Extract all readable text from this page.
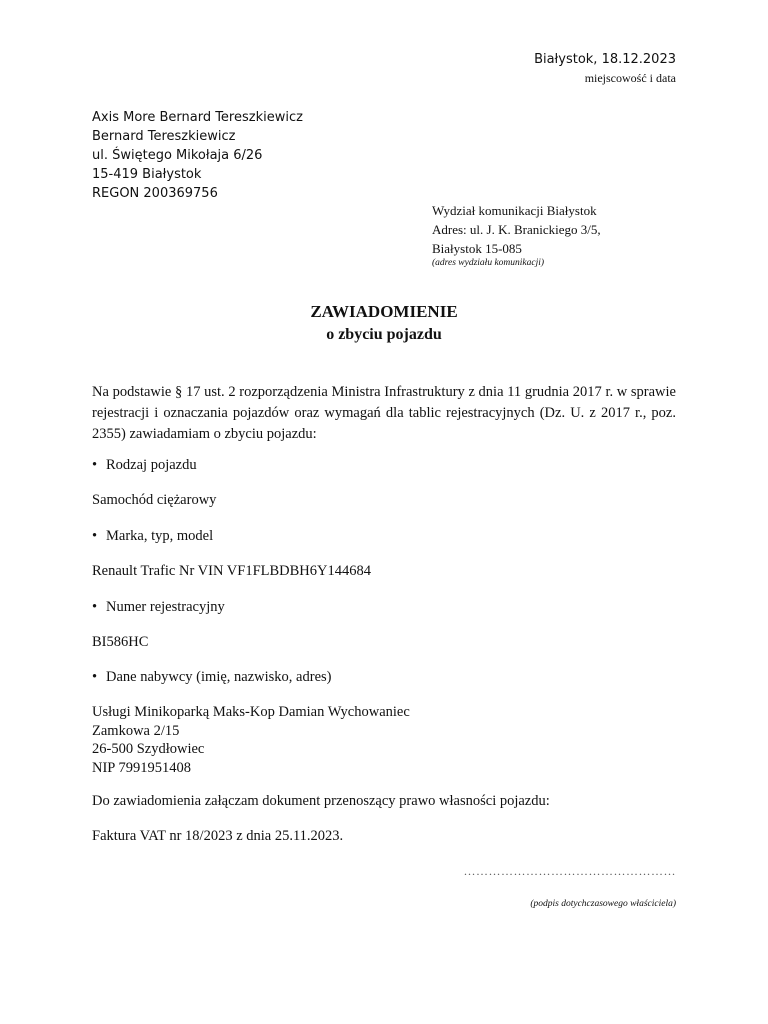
Białystok, 18.12.2023
miejscowość i data
Axis More Bernard Tereszkiewicz
Bernard Tereszkiewicz
ul. Świętego Mikołaja 6/26
15-419 Białystok
REGON 200369756
Wydział komunikacji Białystok
Adres: ul. J. K. Branickiego 3/5,
Białystok 15-085
(adres wydziału komunikacji)
ZAWIADOMIENIE
o zbyciu pojazdu
Na podstawie § 17 ust. 2 rozporządzenia Ministra Infrastruktury z dnia 11 grudnia 2017 r. w sprawie rejestracji i oznaczania pojazdów oraz wymagań dla tablic rejestracyjnych (Dz. U. z 2017 r., poz. 2355) zawiadamiam o zbyciu pojazdu:
• Rodzaj pojazdu
Samochód ciężarowy
• Marka, typ, model
Renault Trafic Nr VIN VF1FLBDBH6Y144684
• Numer rejestracyjny
BI586HC
• Dane nabywcy (imię, nazwisko, adres)
Usługi Minikoparką Maks-Kop Damian Wychowaniec
Zamkowa 2/15
26-500 Szydłowiec
NIP 7991951408
Do zawiadomienia załączam dokument przenoszący prawo własności pojazdu:
Faktura VAT nr 18/2023 z dnia 25.11.2023.
……………………………………………
(podpis dotychczasowego właściciela)
